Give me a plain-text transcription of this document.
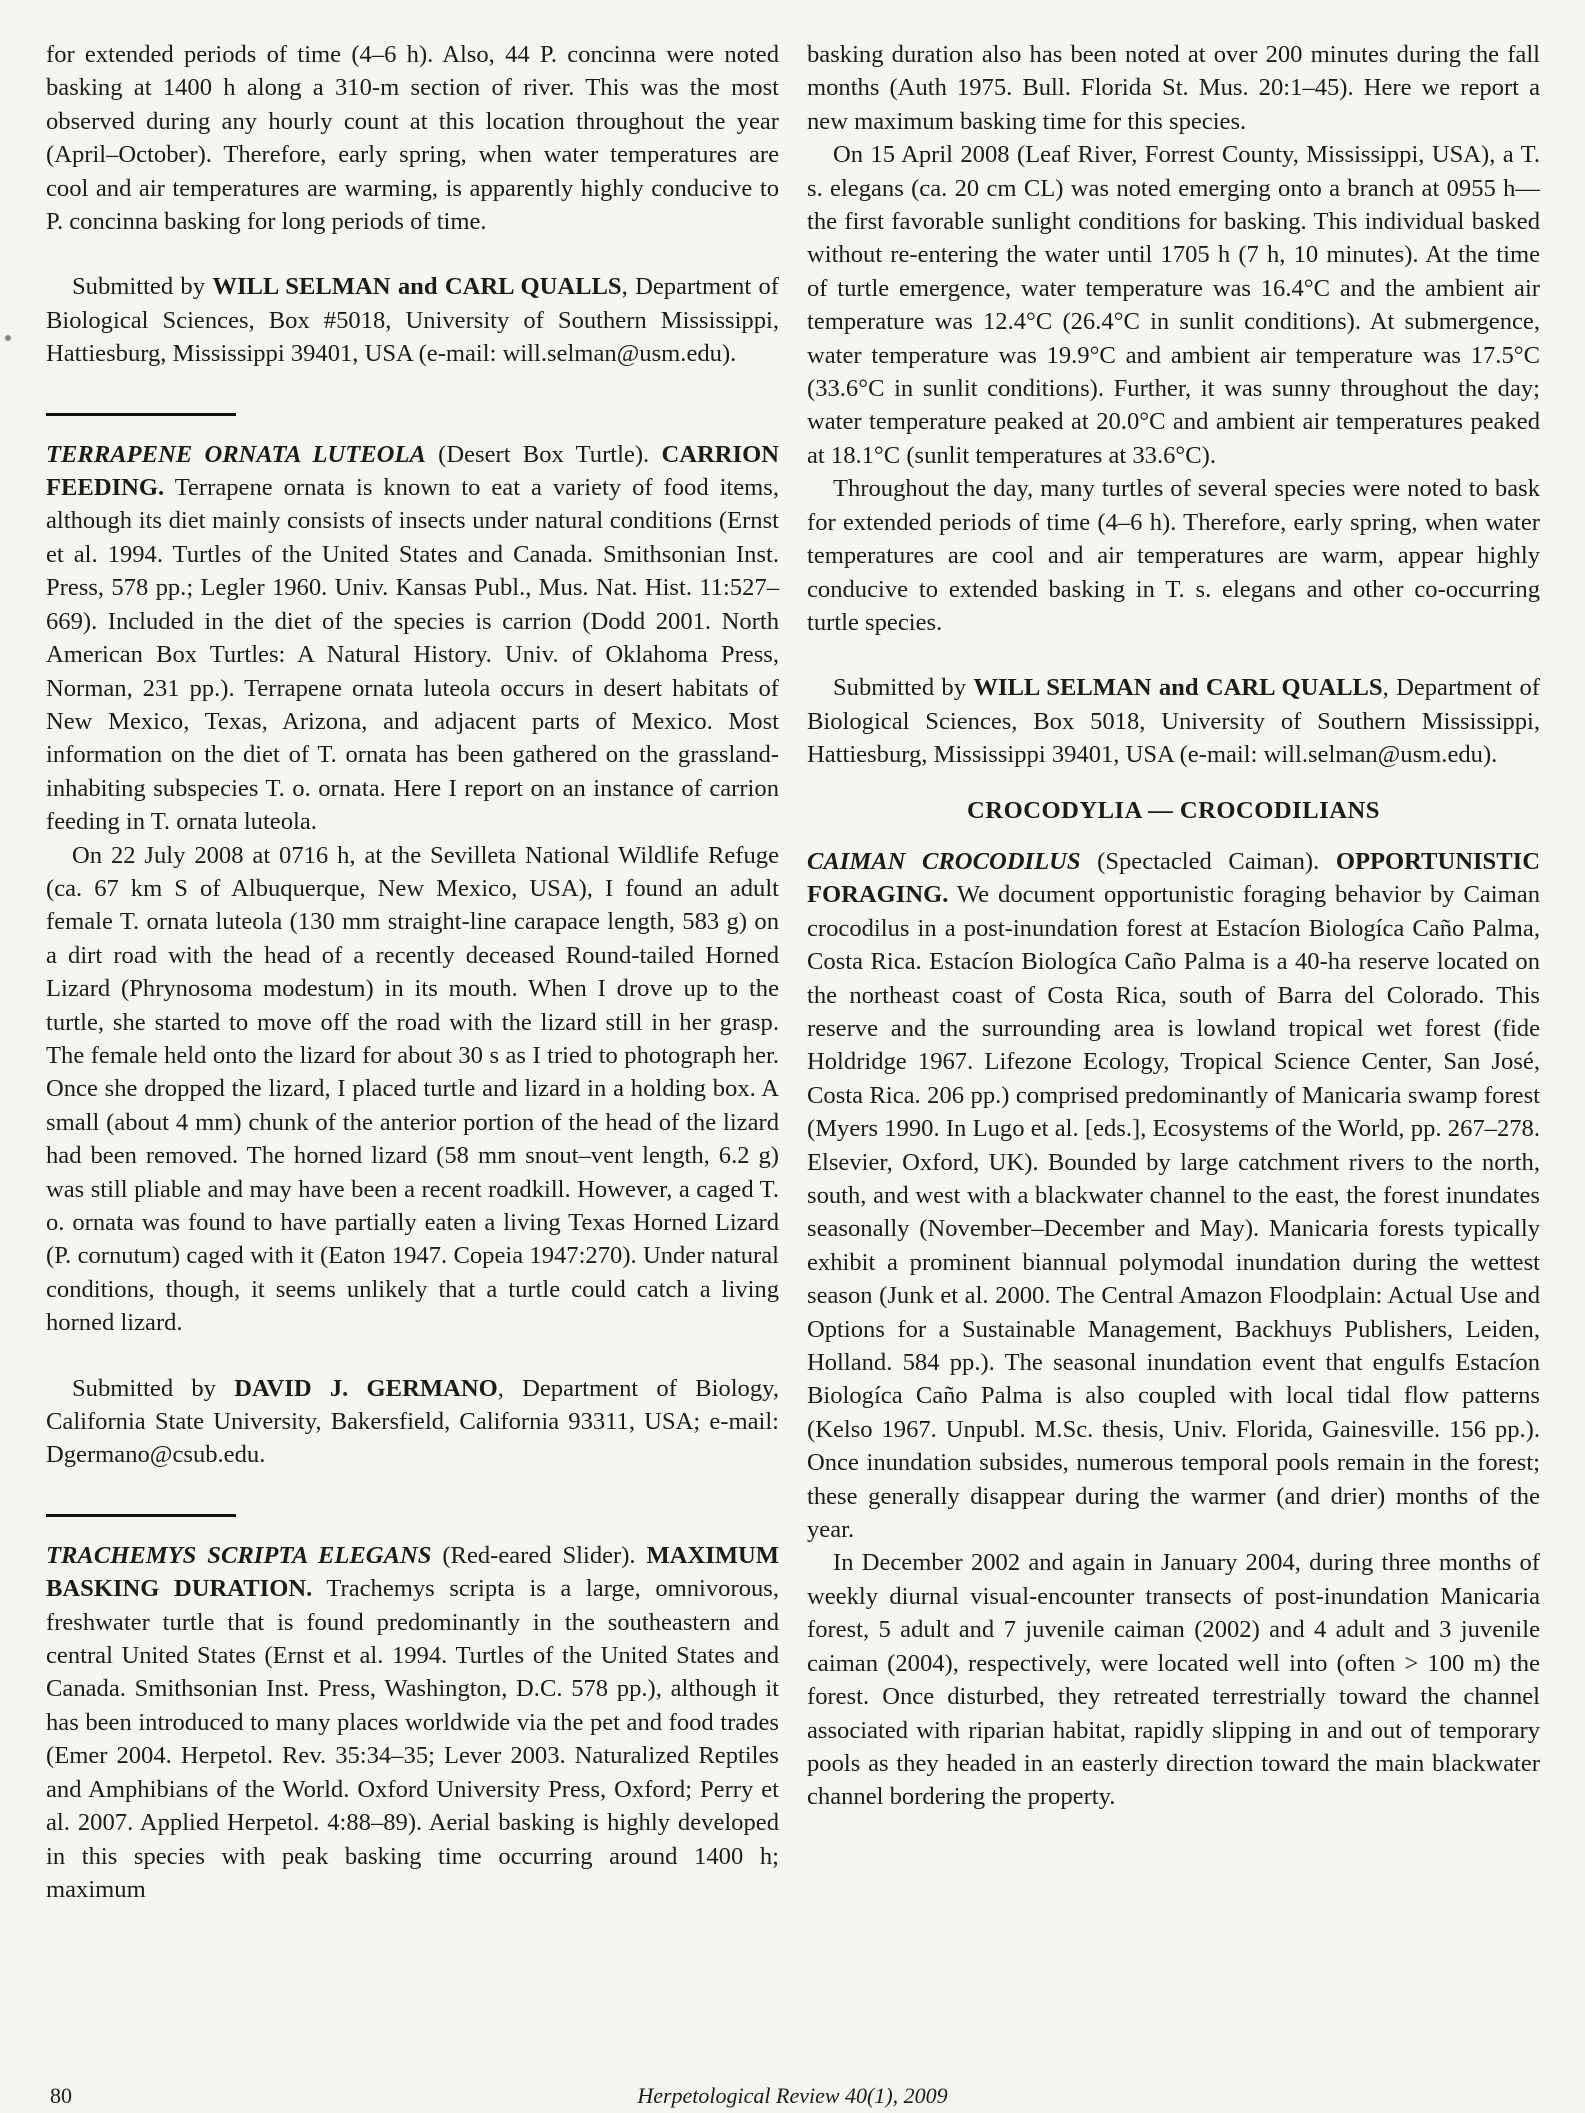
for extended periods of time (4–6 h). Also, 44 P. concinna were noted basking at 1400 h along a 310-m section of river. This was the most observed during any hourly count at this location throughout the year (April–October). Therefore, early spring, when water temperatures are cool and air temperatures are warming, is apparently highly conducive to P. concinna basking for long periods of time.

Submitted by WILL SELMAN and CARL QUALLS, Department of Biological Sciences, Box #5018, University of Southern Mississippi, Hattiesburg, Mississippi 39401, USA (e-mail: will.selman@usm.edu).

TERRAPENE ORNATA LUTEOLA (Desert Box Turtle). CARRION FEEDING. Terrapene ornata is known to eat a variety of food items, although its diet mainly consists of insects under natural conditions (Ernst et al. 1994. Turtles of the United States and Canada. Smithsonian Inst. Press, 578 pp.; Legler 1960. Univ. Kansas Publ., Mus. Nat. Hist. 11:527–669). Included in the diet of the species is carrion (Dodd 2001. North American Box Turtles: A Natural History. Univ. of Oklahoma Press, Norman, 231 pp.). Terrapene ornata luteola occurs in desert habitats of New Mexico, Texas, Arizona, and adjacent parts of Mexico. Most information on the diet of T. ornata has been gathered on the grassland-inhabiting subspecies T. o. ornata. Here I report on an instance of carrion feeding in T. ornata luteola.

On 22 July 2008 at 0716 h, at the Sevilleta National Wildlife Refuge (ca. 67 km S of Albuquerque, New Mexico, USA), I found an adult female T. ornata luteola (130 mm straight-line carapace length, 583 g) on a dirt road with the head of a recently deceased Round-tailed Horned Lizard (Phrynosoma modestum) in its mouth. When I drove up to the turtle, she started to move off the road with the lizard still in her grasp. The female held onto the lizard for about 30 s as I tried to photograph her. Once she dropped the lizard, I placed turtle and lizard in a holding box. A small (about 4 mm) chunk of the anterior portion of the head of the lizard had been removed. The horned lizard (58 mm snout–vent length, 6.2 g) was still pliable and may have been a recent roadkill. However, a caged T. o. ornata was found to have partially eaten a living Texas Horned Lizard (P. cornutum) caged with it (Eaton 1947. Copeia 1947:270). Under natural conditions, though, it seems unlikely that a turtle could catch a living horned lizard.

Submitted by DAVID J. GERMANO, Department of Biology, California State University, Bakersfield, California 93311, USA; e-mail: Dgermano@csub.edu.

TRACHEMYS SCRIPTA ELEGANS (Red-eared Slider). MAXIMUM BASKING DURATION. Trachemys scripta is a large, omnivorous, freshwater turtle that is found predominantly in the southeastern and central United States (Ernst et al. 1994. Turtles of the United States and Canada. Smithsonian Inst. Press, Washington, D.C. 578 pp.), although it has been introduced to many places worldwide via the pet and food trades (Emer 2004. Herpetol. Rev. 35:34–35; Lever 2003. Naturalized Reptiles and Amphibians of the World. Oxford University Press, Oxford; Perry et al. 2007. Applied Herpetol. 4:88–89). Aerial basking is highly developed in this species with peak basking time occurring around 1400 h; maximum

basking duration also has been noted at over 200 minutes during the fall months (Auth 1975. Bull. Florida St. Mus. 20:1–45). Here we report a new maximum basking time for this species.

On 15 April 2008 (Leaf River, Forrest County, Mississippi, USA), a T. s. elegans (ca. 20 cm CL) was noted emerging onto a branch at 0955 h—the first favorable sunlight conditions for basking. This individual basked without re-entering the water until 1705 h (7 h, 10 minutes). At the time of turtle emergence, water temperature was 16.4°C and the ambient air temperature was 12.4°C (26.4°C in sunlit conditions). At submergence, water temperature was 19.9°C and ambient air temperature was 17.5°C (33.6°C in sunlit conditions). Further, it was sunny throughout the day; water temperature peaked at 20.0°C and ambient air temperatures peaked at 18.1°C (sunlit temperatures at 33.6°C).

Throughout the day, many turtles of several species were noted to bask for extended periods of time (4–6 h). Therefore, early spring, when water temperatures are cool and air temperatures are warm, appear highly conducive to extended basking in T. s. elegans and other co-occurring turtle species.

Submitted by WILL SELMAN and CARL QUALLS, Department of Biological Sciences, Box 5018, University of Southern Mississippi, Hattiesburg, Mississippi 39401, USA (e-mail: will.selman@usm.edu).

CROCODYLIA — CROCODILIANS

CAIMAN CROCODILUS (Spectacled Caiman). OPPORTUNISTIC FORAGING. We document opportunistic foraging behavior by Caiman crocodilus in a post-inundation forest at Estacíon Biologíca Caño Palma, Costa Rica. Estacíon Biologíca Caño Palma is a 40-ha reserve located on the northeast coast of Costa Rica, south of Barra del Colorado. This reserve and the surrounding area is lowland tropical wet forest (fide Holdridge 1967. Lifezone Ecology, Tropical Science Center, San José, Costa Rica. 206 pp.) comprised predominantly of Manicaria swamp forest (Myers 1990. In Lugo et al. [eds.], Ecosystems of the World, pp. 267–278. Elsevier, Oxford, UK). Bounded by large catchment rivers to the north, south, and west with a blackwater channel to the east, the forest inundates seasonally (November–December and May). Manicaria forests typically exhibit a prominent biannual polymodal inundation during the wettest season (Junk et al. 2000. The Central Amazon Floodplain: Actual Use and Options for a Sustainable Management, Backhuys Publishers, Leiden, Holland. 584 pp.). The seasonal inundation event that engulfs Estacíon Biologíca Caño Palma is also coupled with local tidal flow patterns (Kelso 1967. Unpubl. M.Sc. thesis, Univ. Florida, Gainesville. 156 pp.). Once inundation subsides, numerous temporal pools remain in the forest; these generally disappear during the warmer (and drier) months of the year.

In December 2002 and again in January 2004, during three months of weekly diurnal visual-encounter transects of post-inundation Manicaria forest, 5 adult and 7 juvenile caiman (2002) and 4 adult and 3 juvenile caiman (2004), respectively, were located well into (often > 100 m) the forest. Once disturbed, they retreated terrestrially toward the channel associated with riparian habitat, rapidly slipping in and out of temporary pools as they headed in an easterly direction toward the main blackwater channel bordering the property.

80	Herpetological Review 40(1), 2009
